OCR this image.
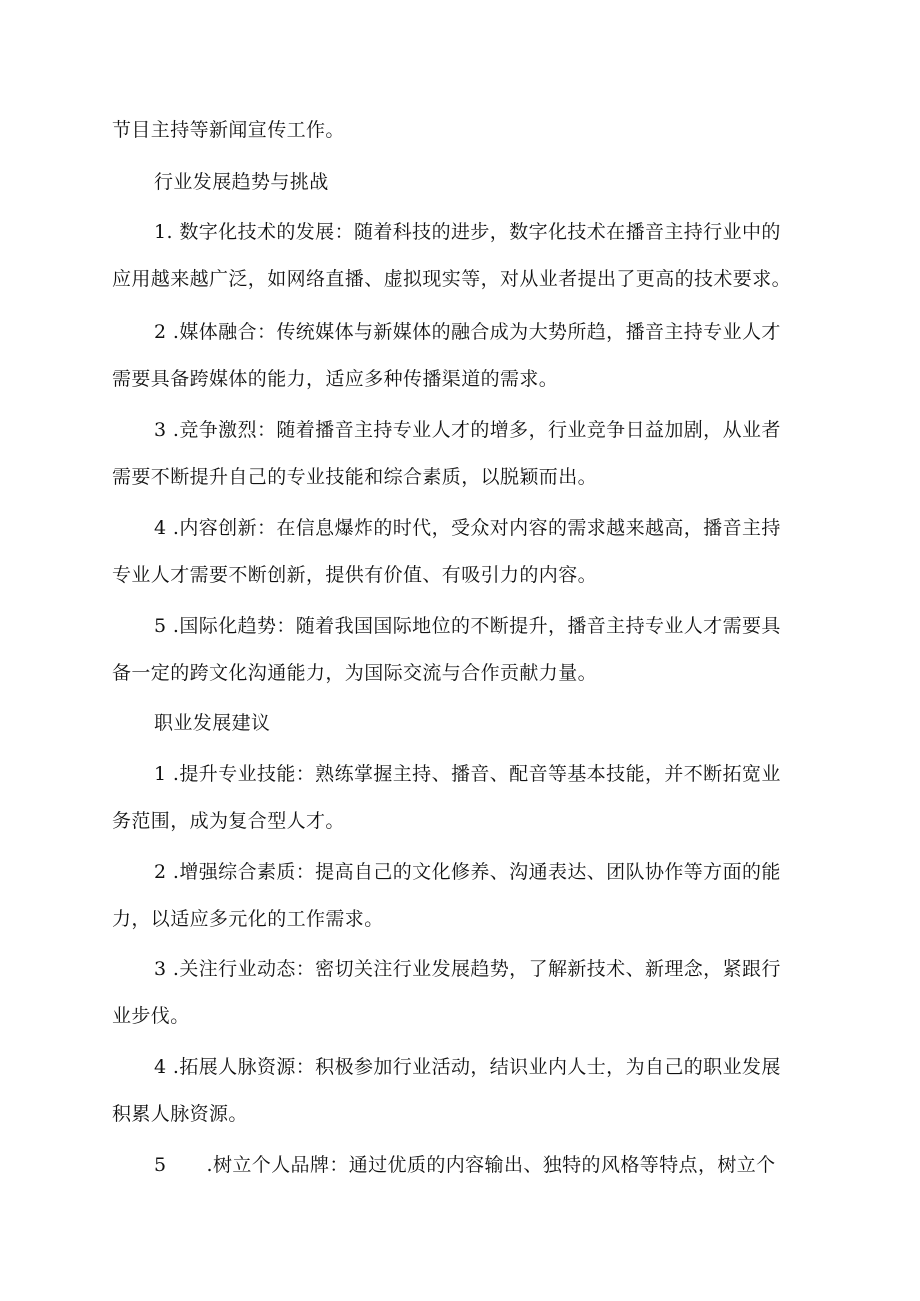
节目主持等新闻宣传工作。
行业发展趋势与挑战
1. 数字化技术的发展：随着科技的进步，数字化技术在播音主持行业中的
应用越来越广泛，如网络直播、虚拟现实等，对从业者提出了更高的技术要求。
2 .媒体融合：传统媒体与新媒体的融合成为大势所趋，播音主持专业人才
需要具备跨媒体的能力，适应多种传播渠道的需求。
3 .竞争激烈：随着播音主持专业人才的增多，行业竞争日益加剧，从业者
需要不断提升自己的专业技能和综合素质，以脱颖而出。
4 .内容创新：在信息爆炸的时代，受众对内容的需求越来越高，播音主持
专业人才需要不断创新，提供有价值、有吸引力的内容。
5 .国际化趋势：随着我国国际地位的不断提升，播音主持专业人才需要具
备一定的跨文化沟通能力，为国际交流与合作贡献力量。
职业发展建议
1 .提升专业技能：熟练掌握主持、播音、配音等基本技能，并不断拓宽业
务范围，成为复合型人才。
2 .增强综合素质：提高自己的文化修养、沟通表达、团队协作等方面的能
力，以适应多元化的工作需求。
3 .关注行业动态：密切关注行业发展趋势，了解新技术、新理念，紧跟行
业步伐。
4 .拓展人脉资源：积极参加行业活动，结识业内人士，为自己的职业发展
积累人脉资源。
5 .树立个人品牌：通过优质的内容输出、独特的风格等特点，树立个
